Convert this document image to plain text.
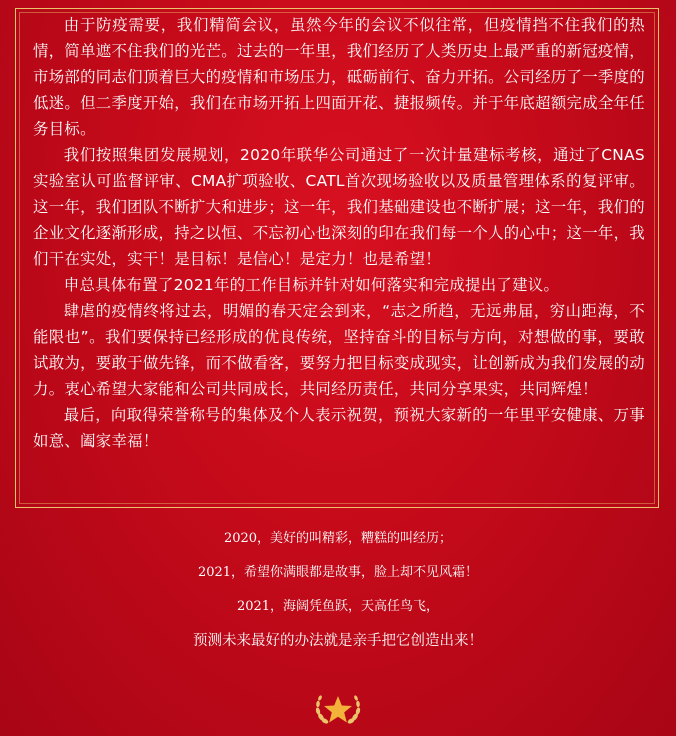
由于防疫需要，我们精简会议，虽然今年的会议不似往常，但疫情挡不住我们的热情，简单遮不住我们的光芒。过去的一年里，我们经历了人类历史上最严重的新冠疫情，市场部的同志们顶着巨大的疫情和市场压力，砥砺前行、奋力开拓。公司经历了一季度的低迷。但二季度开始，我们在市场开拓上四面开花、捷报频传。并于年底超额完成全年任务目标。

我们按照集团发展规划，2020年联华公司通过了一次计量建标考核，通过了CNAS实验室认可监督评审、CMA扩项验收、CATL首次现场验收以及质量管理体系的复评审。这一年，我们团队不断扩大和进步；这一年，我们基础建设也不断扩展；这一年，我们的企业文化逐渐形成，持之以恒、不忘初心也深刻的印在我们每一个人的心中；这一年，我们干在实处，实干！是目标！是信心！是定力！也是希望！

申总具体布置了2021年的工作目标并针对如何落实和完成提出了建议。

肆虐的疫情终将过去，明媚的春天定会到来，“志之所趋，无远弗届，穷山距海，不能限也”。我们要保持已经形成的优良传统，坚持奋斗的目标与方向，对想做的事，要敢试敢为，要敢于做先锋，而不做看客，要努力把目标变成现实，让创新成为我们发展的动力。衷心希望大家能和公司共同成长，共同经历责任，共同分享果实，共同辉煌！

最后，向取得荣誉称号的集体及个人表示祝贺，预祝大家新的一年里平安健康、万事如意、阖家幸福！

2020，美好的叫精彩，糟糕的叫经历；
2021，希望你满眼都是故事，脸上却不见风霜！
2021，海阔凭鱼跃，天高任鸟飞，
预测未来最好的办法就是亲手把它创造出来！
